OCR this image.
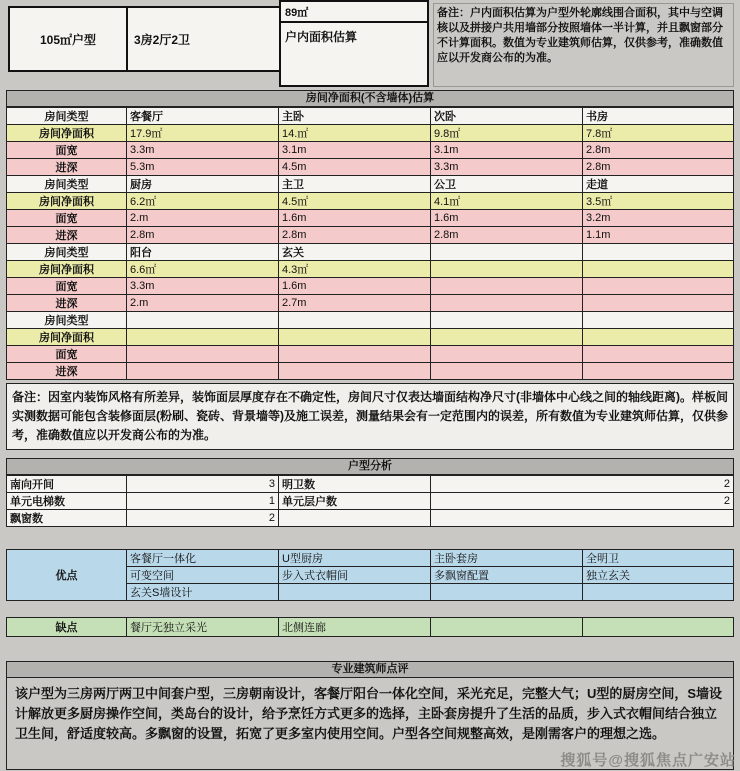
105㎡户型	3房2厅2卫
89㎡
户内面积估算
备注：户内面积估算为户型外轮廓线围合面积，其中与空调核以及拼接户共用墙部分按照墙体一半计算，并且飘窗部分不计算面积。数值为专业建筑师估算，仅供参考，准确数值应以开发商公布的为准。
房间净面积(不含墙体)估算
房间类型	客餐厅	主卧	次卧	书房
房间净面积	17.9㎡	14.㎡	9.8㎡	7.8㎡
面宽	3.3m	3.1m	3.1m	2.8m
进深	5.3m	4.5m	3.3m	2.8m
房间类型	厨房	主卫	公卫	走道
房间净面积	6.2㎡	4.5㎡	4.1㎡	3.5㎡
面宽	2.m	1.6m	1.6m	3.2m
进深	2.8m	2.8m	2.8m	1.1m
房间类型	阳台	玄关		
房间净面积	6.6㎡	4.3㎡		
面宽	3.3m	1.6m		
进深	2.m	2.7m		
房间类型				
房间净面积				
面宽				
进深				
备注：因室内装饰风格有所差异，装饰面层厚度存在不确定性，房间尺寸仅表达墙面结构净尺寸(非墙体中心线之间的轴线距离)。样板间实测数据可能包含装修面层(粉刷、瓷砖、背景墙等)及施工误差，测量结果会有一定范围内的误差，所有数值为专业建筑师估算，仅供参考，准确数值应以开发商公布的为准。
户型分析
南向开间	3	明卫数	2
单元电梯数	1	单元层户数	2
飘窗数	2		
优点	客餐厅一体化	U型厨房	主卧套房	全明卫
	可变空间	步入式衣帽间	多飘窗配置	独立玄关
	玄关S墙设计			
缺点	餐厅无独立采光	北侧连廊		
专业建筑师点评
该户型为三房两厅两卫中间套户型，三房朝南设计，客餐厅阳台一体化空间，采光充足，完整大气；U型的厨房空间，S墙设计解放更多厨房操作空间，类岛台的设计，给予烹饪方式更多的选择，主卧套房提升了生活的品质，步入式衣帽间结合独立卫生间，舒适度较高。多飘窗的设置，拓宽了更多室内使用空间。户型各空间规整高效，是刚需客户的理想之选。
搜狐号@搜狐焦点广安站
